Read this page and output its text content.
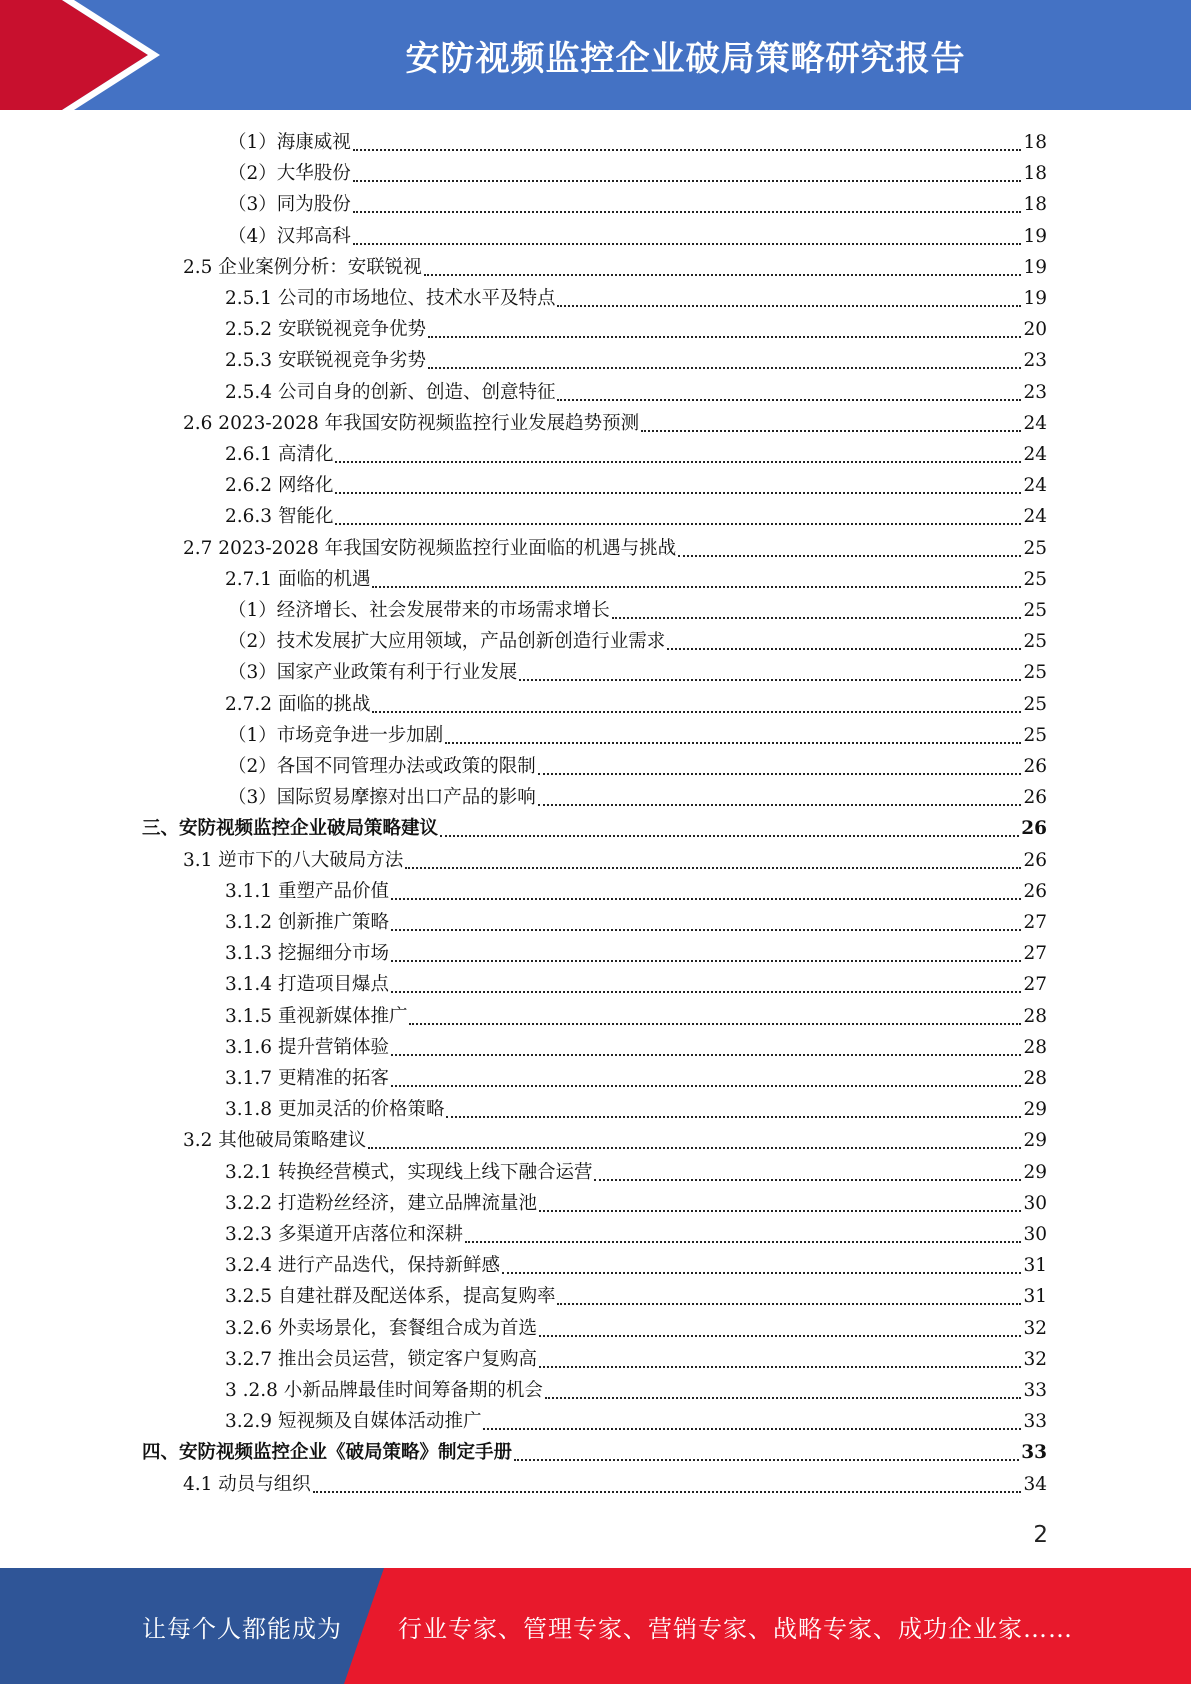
安防视频监控企业破局策略研究报告
（1）海康威视	18
（2）大华股份	18
（3）同为股份	18
（4）汉邦高科	19
2.5 企业案例分析：安联锐视	19
2.5.1 公司的市场地位、技术水平及特点	19
2.5.2 安联锐视竞争优势	20
2.5.3 安联锐视竞争劣势	23
2.5.4 公司自身的创新、创造、创意特征	23
2.6 2023-2028 年我国安防视频监控行业发展趋势预测	24
2.6.1 高清化	24
2.6.2 网络化	24
2.6.3 智能化	24
2.7 2023-2028 年我国安防视频监控行业面临的机遇与挑战	25
2.7.1 面临的机遇	25
（1）经济增长、社会发展带来的市场需求增长	25
（2）技术发展扩大应用领域，产品创新创造行业需求	25
（3）国家产业政策有利于行业发展	25
2.7.2 面临的挑战	25
（1）市场竞争进一步加剧	25
（2）各国不同管理办法或政策的限制	26
（3）国际贸易摩擦对出口产品的影响	26
三、安防视频监控企业破局策略建议	26
3.1 逆市下的八大破局方法	26
3.1.1 重塑产品价值	26
3.1.2 创新推广策略	27
3.1.3 挖掘细分市场	27
3.1.4 打造项目爆点	27
3.1.5 重视新媒体推广	28
3.1.6 提升营销体验	28
3.1.7 更精准的拓客	28
3.1.8 更加灵活的价格策略	29
3.2 其他破局策略建议	29
3.2.1 转换经营模式，实现线上线下融合运营	29
3.2.2 打造粉丝经济，建立品牌流量池	30
3.2.3 多渠道开店落位和深耕	30
3.2.4 进行产品迭代，保持新鲜感	31
3.2.5 自建社群及配送体系，提高复购率	31
3.2.6 外卖场景化，套餐组合成为首选	32
3.2.7 推出会员运营，锁定客户复购高	32
3 .2.8 小新品牌最佳时间筹备期的机会	33
3.2.9 短视频及自媒体活动推广	33
四、安防视频监控企业《破局策略》制定手册	33
4.1 动员与组织	34
2
让每个人都能成为 行业专家、管理专家、营销专家、战略专家、成功企业家……
